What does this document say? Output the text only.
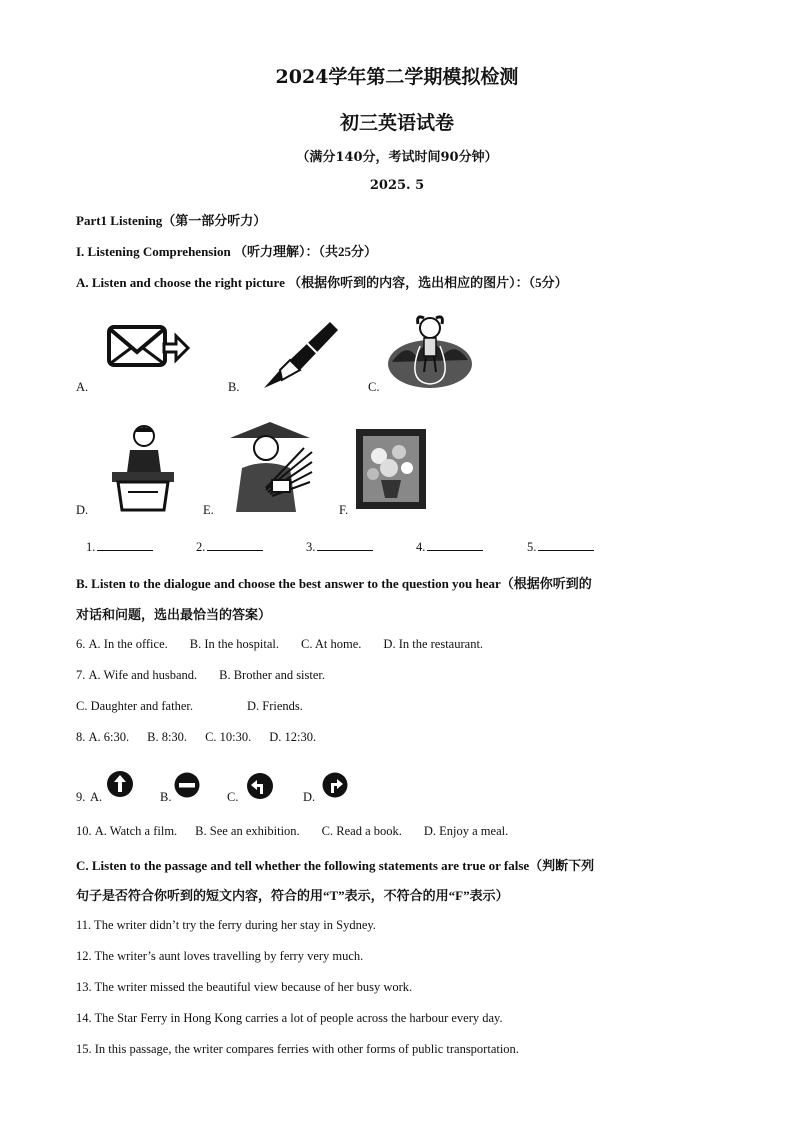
2024学年第二学期模拟检测
初三英语试卷
（满分140分，考试时间90分钟）
2025. 5
Part1 Listening（第一部分听力）
I. Listening Comprehension （听力理解）：（共25分）
A. Listen and choose the right picture （根据你听到的内容，选出相应的图片）：（5分）
A.	B.	C.
D.	E.	F.
1.	2.	3.	4.	5.
B. Listen to the dialogue and choose the best answer to the question you hear（根据你听到的
对话和问题，选出最恰当的答案）
6. A. In the office. B. In the hospital. C. At home. D. In the restaurant.
7. A. Wife and husband. B. Brother and sister.
C. Daughter and father.	D. Friends.
8. A. 6:30. B. 8:30. C. 10:30. D. 12:30.
9. A.	B.	C.	D.
10. A. Watch a film. B. See an exhibition. C. Read a book. D. Enjoy a meal.
C. Listen to the passage and tell whether the following statements are true or false（判断下列
句子是否符合你听到的短文内容，符合的用“T”表示，不符合的用“F”表示）
11. The writer didn’t try the ferry during her stay in Sydney.
12. The writer’s aunt loves travelling by ferry very much.
13. The writer missed the beautiful view because of her busy work.
14. The Star Ferry in Hong Kong carries a lot of people across the harbour every day.
15. In this passage, the writer compares ferries with other forms of public transportation.
